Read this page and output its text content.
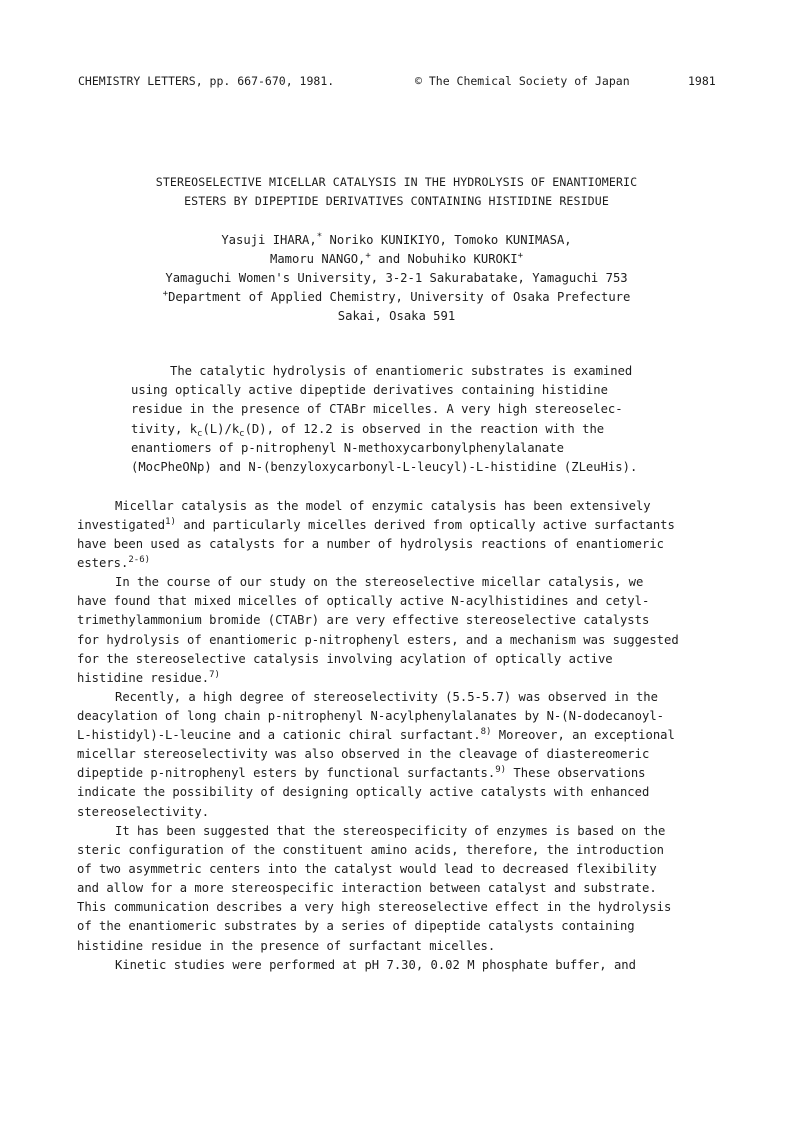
CHEMISTRY LETTERS, pp. 667-670, 1981.	© The Chemical Society of Japan	1981
STEREOSELECTIVE MICELLAR CATALYSIS IN THE HYDROLYSIS OF ENANTIOMERIC
ESTERS BY DIPEPTIDE DERIVATIVES CONTAINING HISTIDINE RESIDUE
Yasuji IHARA,* Noriko KUNIKIYO, Tomoko KUNIMASA,
Mamoru NANGO,+ and Nobuhiko KUROKI+
Yamaguchi Women's University, 3-2-1 Sakurabatake, Yamaguchi 753
+Department of Applied Chemistry, University of Osaka Prefecture
Sakai, Osaka 591
The catalytic hydrolysis of enantiomeric substrates is examined
using optically active dipeptide derivatives containing histidine
residue in the presence of CTABr micelles. A very high stereoselec-
tivity, $k_c(L)/k_c(D)$, of 12.2 is observed in the reaction with the
enantiomers of p-nitrophenyl N-methoxycarbonylphenylalanate
(MocPheONp) and N-(benzyloxycarbonyl-L-leucyl)-L-histidine (ZLeuHis).
Micellar catalysis as the model of enzymic catalysis has been extensively
investigated$^{1)}$ and particularly micelles derived from optically active surfactants
have been used as catalysts for a number of hydrolysis reactions of enantiomeric
esters.$^{2-6)}$
In the course of our study on the stereoselective micellar catalysis, we
have found that mixed micelles of optically active N-acylhistidines and cetyl-
trimethylammonium bromide (CTABr) are very effective stereoselective catalysts
for hydrolysis of enantiomeric p-nitrophenyl esters, and a mechanism was suggested
for the stereoselective catalysis involving acylation of optically active
histidine residue.$^{7)}$
Recently, a high degree of stereoselectivity (5.5-5.7) was observed in the
deacylation of long chain p-nitrophenyl N-acylphenylalanates by N-(N-dodecanoyl-
L-histidyl)-L-leucine and a cationic chiral surfactant.$^{8)}$ Moreover, an exceptional
micellar stereoselectivity was also observed in the cleavage of diastereomeric
dipeptide p-nitrophenyl esters by functional surfactants.$^{9)}$ These observations
indicate the possibility of designing optically active catalysts with enhanced
stereoselectivity.
It has been suggested that the stereospecificity of enzymes is based on the
steric configuration of the constituent amino acids, therefore, the introduction
of two asymmetric centers into the catalyst would lead to decreased flexibility
and allow for a more stereospecific interaction between catalyst and substrate.
This communication describes a very high stereoselective effect in the hydrolysis
of the enantiomeric substrates by a series of dipeptide catalysts containing
histidine residue in the presence of surfactant micelles.
Kinetic studies were performed at pH 7.30, 0.02 M phosphate buffer, and
